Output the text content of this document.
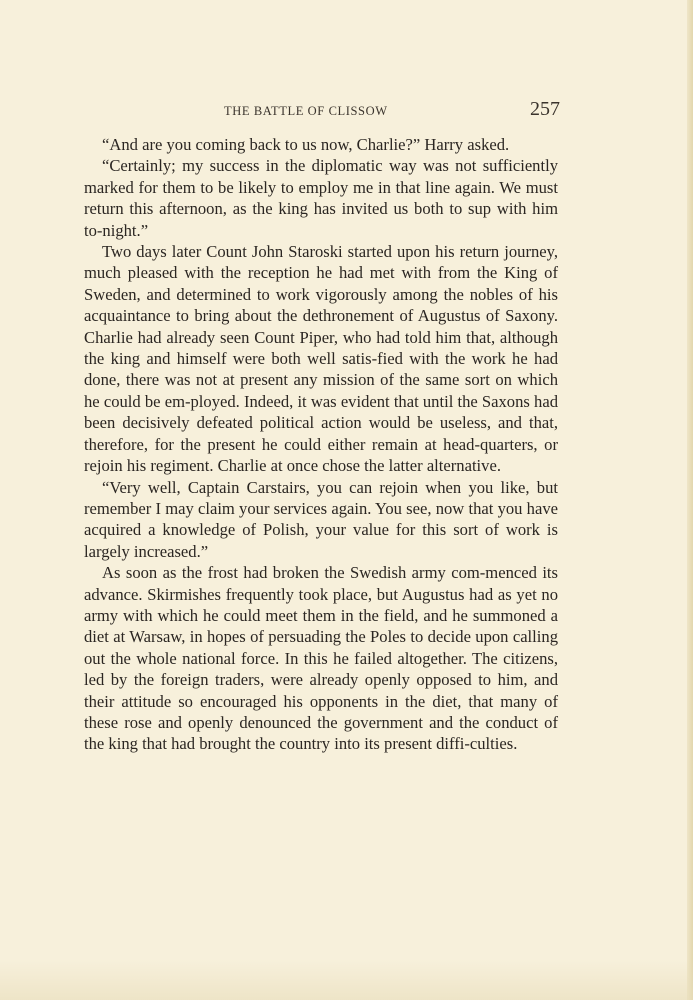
THE BATTLE OF CLISSOW	257

“And are you coming back to us now, Charlie?” Harry asked.

“Certainly; my success in the diplomatic way was not sufficiently marked for them to be likely to employ me in that line again. We must return this afternoon, as the king has invited us both to sup with him to-night.”

Two days later Count John Staroski started upon his return journey, much pleased with the reception he had met with from the King of Sweden, and determined to work vigorously among the nobles of his acquaintance to bring about the dethronement of Augustus of Saxony. Charlie had already seen Count Piper, who had told him that, although the king and himself were both well satis-fied with the work he had done, there was not at present any mission of the same sort on which he could be em-ployed. Indeed, it was evident that until the Saxons had been decisively defeated political action would be useless, and that, therefore, for the present he could either remain at head-quarters, or rejoin his regiment. Charlie at once chose the latter alternative.

“Very well, Captain Carstairs, you can rejoin when you like, but remember I may claim your services again. You see, now that you have acquired a knowledge of Polish, your value for this sort of work is largely increased.”

As soon as the frost had broken the Swedish army com-menced its advance. Skirmishes frequently took place, but Augustus had as yet no army with which he could meet them in the field, and he summoned a diet at Warsaw, in hopes of persuading the Poles to decide upon calling out the whole national force. In this he failed altogether. The citizens, led by the foreign traders, were already openly opposed to him, and their attitude so encouraged his opponents in the diet, that many of these rose and openly denounced the government and the conduct of the king that had brought the country into its present diffi-culties.
